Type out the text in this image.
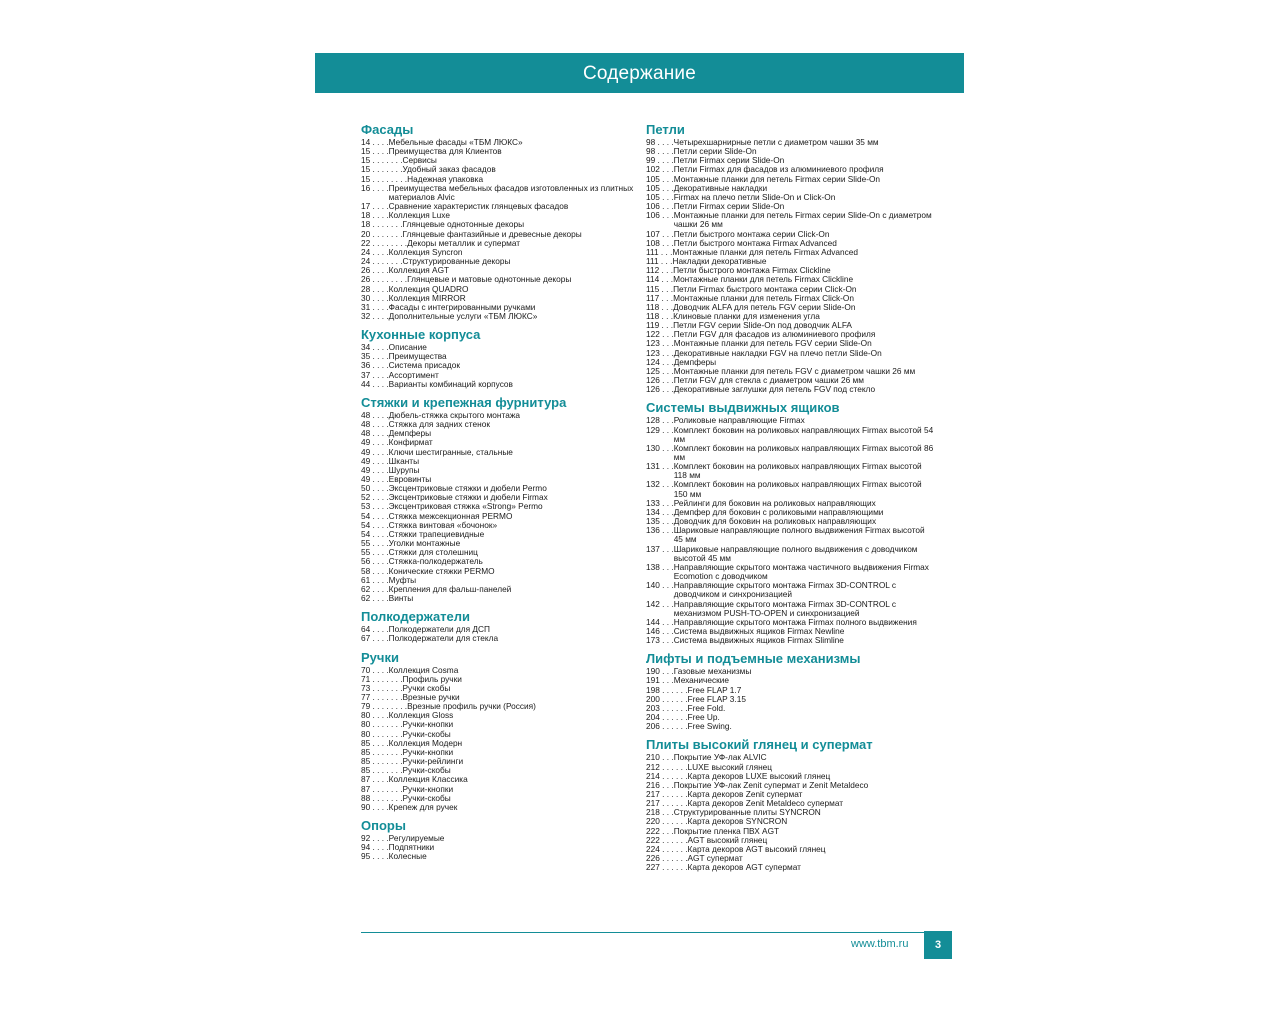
Содержание
Фасады
14 . . . . Мебельные фасады «ТБМ ЛЮКС»
15 . . . . Преимущества для Клиентов
15 . . . . . . . Сервисы
15 . . . . . . . Удобный заказ фасадов
15 . . . . . . . . Надежная упаковка
16 . . . . Преимущества мебельных фасадов изготовленных из плитных материалов Alvic
17 . . . . Сравнение характеристик глянцевых фасадов
18 . . . . Коллекция Luxe
18 . . . . . . . Глянцевые однотонные декоры
20 . . . . . . . Глянцевые фантазийные и древесные декоры
22 . . . . . . . . Декоры металлик и супермат
24 . . . . Коллекция Syncron
24 . . . . . . . Структурированные декоры
26 . . . . Коллекция AGT
26 . . . . . . . . Глянцевые и матовые однотонные декоры
28 . . . . Коллекция QUADRO
30 . . . . Коллекция MIRROR
31 . . . . Фасады с интегрированными ручками
32 . . . . Дополнительные услуги «ТБМ ЛЮКС»
Кухонные корпуса
34 . . . . Описание
35 . . . . Преимущества
36 . . . . Система присадок
37 . . . . Ассортимент
44 . . . . Варианты комбинаций корпусов
Стяжки и крепежная фурнитура
48 . . . . Дюбель-стяжка скрытого монтажа
48 . . . . Стяжка для задних стенок
48 . . . . Демпферы
49 . . . . Конфирмат
49 . . . . Ключи шестигранные, стальные
49 . . . . Шканты
49 . . . . Шурупы
49 . . . . Евровинты
50 . . . . Эксцентриковые стяжки и дюбели Permo
52 . . . . Эксцентриковые стяжки и дюбели Firmax
53 . . . . Эксцентриковая стяжка «Strong» Permo
54 . . . . Стяжка межсекционная PERMO
54 . . . . Стяжка винтовая «бочонок»
54 . . . . Стяжки трапециевидные
55 . . . . Уголки монтажные
55 . . . . Стяжки для столешниц
56 . . . . Стяжка-полкодержатель
58 . . . . Конические стяжки PERMO
61 . . . . Муфты
62 . . . . Крепления для фальш-панелей
62 . . . . Винты
Полкодержатели
64 . . . . Полкодержатели для ДСП
67 . . . . Полкодержатели для стекла
Ручки
70 . . . . Коллекция Cosma
71 . . . . . . . Профиль ручки
73 . . . . . . . Ручки скобы
77 . . . . . . . Врезные ручки
79 . . . . . . . . Врезные профиль ручки (Россия)
80 . . . . Коллекция Gloss
80 . . . . . . . Ручки-кнопки
80 . . . . . . . Ручки-скобы
85 . . . . Коллекция Модерн
85 . . . . . . . Ручки-кнопки
85 . . . . . . . Ручки-рейлинги
85 . . . . . . . Ручки-скобы
87 . . . . Коллекция Классика
87 . . . . . . . Ручки-кнопки
88 . . . . . . . Ручки-скобы
90 . . . . Крепеж для ручек
Опоры
92 . . . . Регулируемые
94 . . . . Подпятники
95 . . . . Колесные
Петли
98 . . . . Четырехшарнирные петли с диаметром чашки 35 мм
98 . . . . Петли серии Slide-On
99 . . . . Петли Firmax серии Slide-On
102 . . . Петли Firmax для фасадов из алюминиевого профиля
105 . . . Монтажные планки для петель Firmax серии Slide-On
105 . . . Декоративные накладки
105 . . . Firmax на плечо петли Slide-On и Click-On
106 . . . Петли Firmax серии Slide-On
106 . . . Монтажные планки для петель Firmax серии Slide-On с диаметром чашки 26 мм
107 . . . Петли быстрого монтажа серии Click-On
108 . . . Петли быстрого монтажа Firmax Advanced
111 . . . Монтажные планки для петель Firmax Advanced
111 . . . Накладки декоративные
112 . . . Петли быстрого монтажа Firmax Clickline
114 . . . Монтажные планки для петель Firmax Clickline
115 . . . Петли Firmax быстрого монтажа серии Click-On
117 . . . Монтажные планки для петель Firmax Click-On
118 . . . Доводчик ALFA для петель FGV серии Slide-On
118 . . . Клиновые планки для изменения угла
119 . . . Петли FGV серии Slide-On под доводчик ALFA
122 . . . Петли FGV для фасадов из алюминиевого профиля
123 . . . Монтажные планки для петель FGV серии Slide-On
123 . . . Декоративные накладки FGV на плечо петли Slide-On
124 . . . Демпферы
125 . . . Монтажные планки для петель FGV с диаметром чашки 26 мм
126 . . . Петли FGV для стекла с диаметром чашки 26 мм
126 . . . Декоративные заглушки для петель FGV под стекло
Системы выдвижных ящиков
128 . . . Роликовые направляющие Firmax
129 . . . Комплект боковин на роликовых направляющих Firmax высотой 54 мм
130 . . . Комплект боковин на роликовых направляющих Firmax высотой 86 мм
131 . . . Комплект боковин на роликовых направляющих Firmax высотой 118 мм
132 . . . Комплект боковин на роликовых направляющих Firmax высотой 150 мм
133 . . . Рейлинги для боковин на роликовых направляющих
134 . . . Демпфер для боковин с роликовыми направляющими
135 . . . Доводчик для боковин на роликовых направляющих
136 . . . Шариковые направляющие полного выдвижения Firmax высотой 45 мм
137 . . . Шариковые направляющие полного выдвижения с доводчиком высотой 45 мм
138 . . . Направляющие скрытого монтажа частичного выдвижения Firmax Ecomotion с доводчиком
140 . . . Направляющие скрытого монтажа Firmax 3D-CONTROL с доводчиком и синхронизацией
142 . . . Направляющие скрытого монтажа Firmax 3D-CONTROL с механизмом PUSH-TO-OPEN и синхронизацией
144 . . . Направляющие скрытого монтажа Firmax полного выдвижения
146 . . . Система выдвижных ящиков Firmax Newline
173 . . . Система выдвижных ящиков Firmax Slimline
Лифты и подъемные механизмы
190 . . . Газовые механизмы
191 . . . Механические
198 . . . . . . Free FLAP 1.7
200 . . . . . . Free FLAP 3.15
203 . . . . . . Free Fold.
204 . . . . . . Free Up.
206 . . . . . . Free Swing.
Плиты высокий глянец и супермат
210 . . . Покрытие УФ-лак ALVIC
212 . . . . . . LUXE высокий глянец
214 . . . . . . Карта декоров LUXE высокий глянец
216 . . . Покрытие УФ-лак Zenit супермат и Zenit Metaldeco
217 . . . . . . Карта декоров Zenit супермат
217 . . . . . . Карта декоров Zenit Metaldeco супермат
218 . . . Структурированные плиты SYNCRON
220 . . . . . . Карта декоров SYNCRON
222 . . . Покрытие пленка ПВХ AGT
222 . . . . . . AGT высокий глянец
224 . . . . . . Карта декоров AGT высокий глянец
226 . . . . . . AGT супермат
227 . . . . . . Карта декоров AGT супермат
www.tbm.ru	3
